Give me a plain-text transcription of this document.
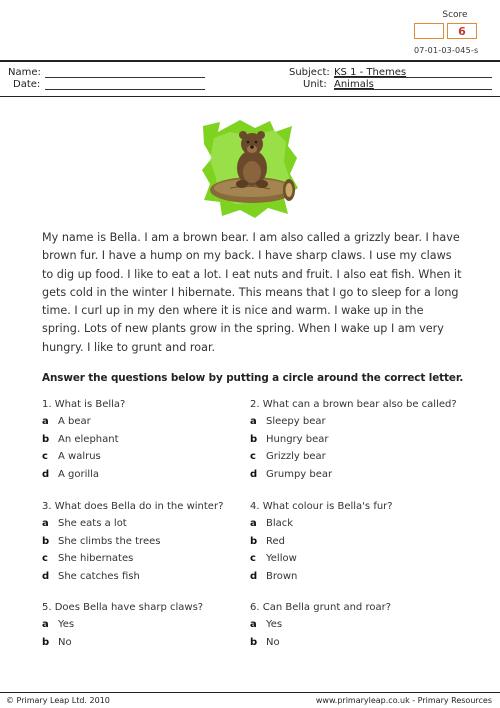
Score
6
07-01-03-045-s
Name:
Date:
Subject: KS 1 - Themes
Unit: Animals
My name is Bella. I am a brown bear. I am also called a grizzly bear. I have brown fur. I have a hump on my back. I have sharp claws. I use my claws to dig up food. I like to eat a lot. I eat nuts and fruit. I also eat fish. When it gets cold in the winter I hibernate. This means that I go to sleep for a long time. I curl up in my den where it is nice and warm. I wake up in the spring. Lots of new plants grow in the spring. When I wake up I am very hungry. I like to grunt and roar.
Answer the questions below by putting a circle around the correct letter.
1. What is Bella?
a A bear
b An elephant
c A walrus
d A gorilla
2. What can a brown bear also be called?
a Sleepy bear
b Hungry bear
c Grizzly bear
d Grumpy bear
3. What does Bella do in the winter?
a She eats a lot
b She climbs the trees
c She hibernates
d She catches fish
4. What colour is Bella's fur?
a Black
b Red
c Yellow
d Brown
5. Does Bella have sharp claws?
a Yes
b No
6. Can Bella grunt and roar?
a Yes
b No
© Primary Leap Ltd. 2010	www.primaryleap.co.uk - Primary Resources
